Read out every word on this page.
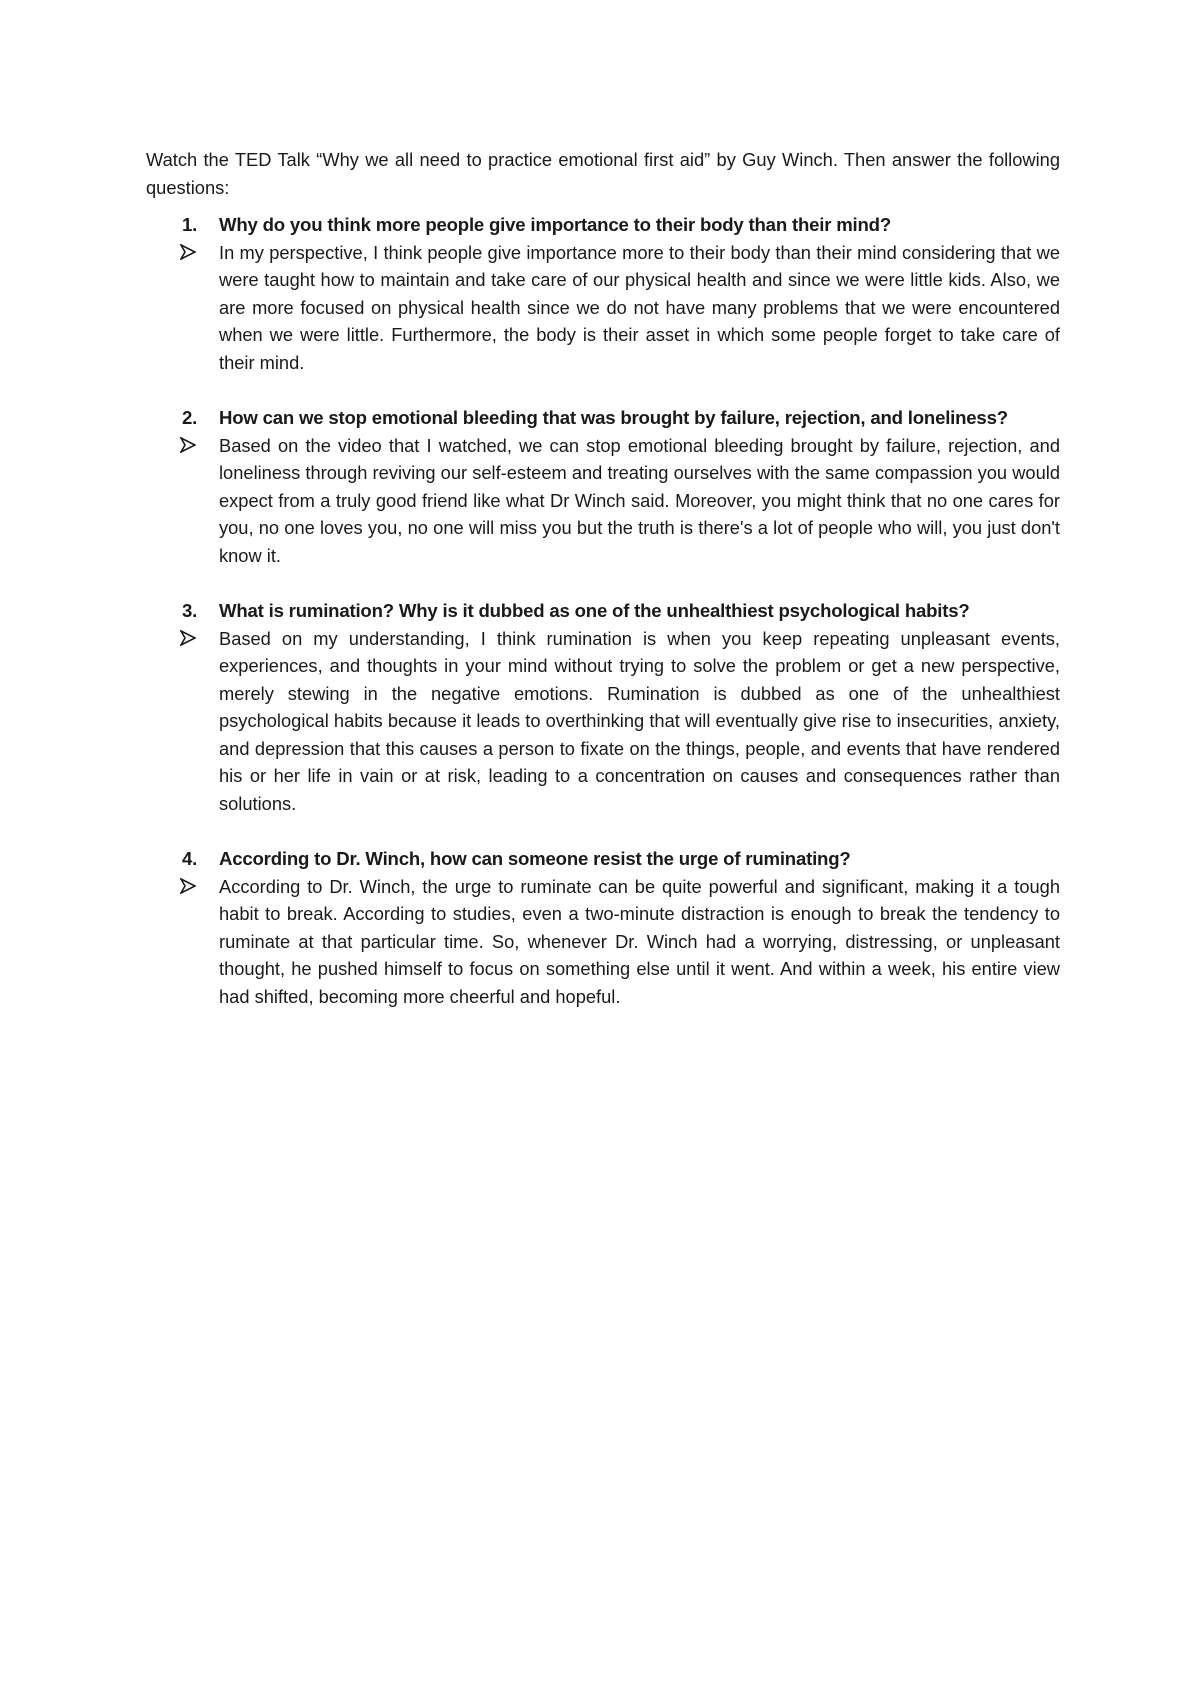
Watch the TED Talk “Why we all need to practice emotional first aid” by Guy Winch. Then answer the following questions:

1. Why do you think more people give importance to their body than their mind?

In my perspective, I think people give importance more to their body than their mind considering that we were taught how to maintain and take care of our physical health and since we were little kids. Also, we are more focused on physical health since we do not have many problems that we were encountered when we were little. Furthermore, the body is their asset in which some people forget to take care of their mind.

2. How can we stop emotional bleeding that was brought by failure, rejection, and loneliness?

Based on the video that I watched, we can stop emotional bleeding brought by failure, rejection, and loneliness through reviving our self-esteem and treating ourselves with the same compassion you would expect from a truly good friend like what Dr Winch said. Moreover, you might think that no one cares for you, no one loves you, no one will miss you but the truth is there's a lot of people who will, you just don't know it.

3. What is rumination? Why is it dubbed as one of the unhealthiest psychological habits?

Based on my understanding, I think rumination is when you keep repeating unpleasant events, experiences, and thoughts in your mind without trying to solve the problem or get a new perspective, merely stewing in the negative emotions. Rumination is dubbed as one of the unhealthiest psychological habits because it leads to overthinking that will eventually give rise to insecurities, anxiety, and depression that this causes a person to fixate on the things, people, and events that have rendered his or her life in vain or at risk, leading to a concentration on causes and consequences rather than solutions.

4. According to Dr. Winch, how can someone resist the urge of ruminating?

According to Dr. Winch, the urge to ruminate can be quite powerful and significant, making it a tough habit to break. According to studies, even a two-minute distraction is enough to break the tendency to ruminate at that particular time. So, whenever Dr. Winch had a worrying, distressing, or unpleasant thought, he pushed himself to focus on something else until it went. And within a week, his entire view had shifted, becoming more cheerful and hopeful.
